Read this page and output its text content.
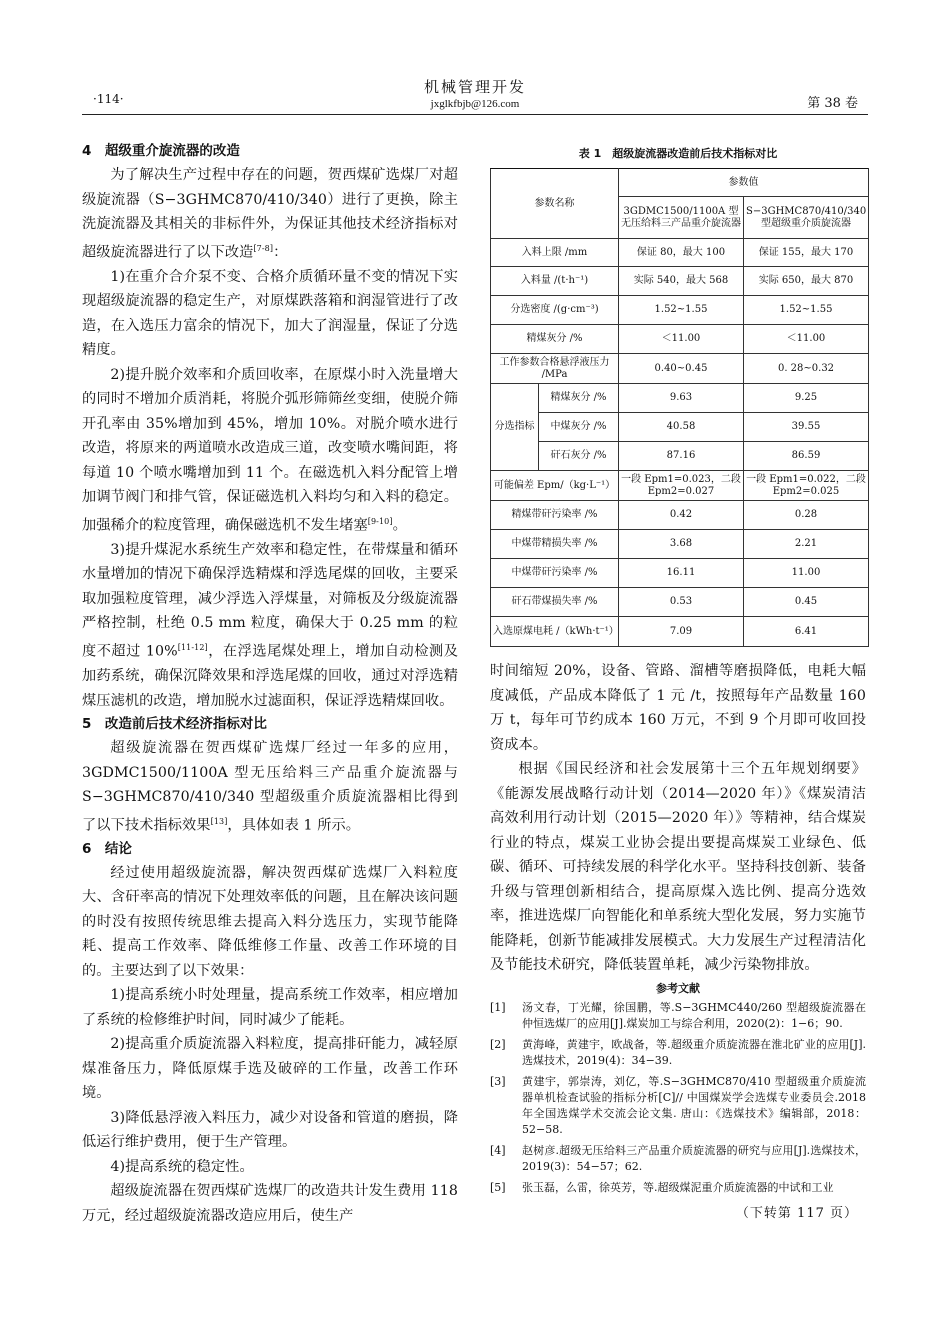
·114·
机械管理开发
jxglkfbjb@126.com	第 38 卷
4　超级重介旋流器的改造

为了解决生产过程中存在的问题，贺西煤矿选煤厂对超级旋流器（S−3GHMC870/410/340）进行了更换，除主洗旋流器及其相关的非标件外，为保证其他技术经济指标对超级旋流器进行了以下改造[7-8]：

1)在重介合介泵不变、合格介质循环量不变的情况下实现超级旋流器的稳定生产，对原煤跌落箱和润湿管进行了改造，在入选压力富余的情况下，加大了润湿量，保证了分选精度。

2)提升脱介效率和介质回收率，在原煤小时入洗量增大的同时不增加介质消耗，将脱介弧形筛筛丝变细，使脱介筛开孔率由 35%增加到 45%，增加 10%。对脱介喷水进行改造，将原来的两道喷水改造成三道，改变喷水嘴间距，将每道 10 个喷水嘴增加到 11 个。在磁选机入料分配管上增加调节阀门和排气管，保证磁选机入料均匀和入料的稳定。加强稀介的粒度管理，确保磁选机不发生堵塞[9-10]。

3)提升煤泥水系统生产效率和稳定性，在带煤量和循环水量增加的情况下确保浮选精煤和浮选尾煤的回收，主要采取加强粒度管理，减少浮选入浮煤量，对筛板及分级旋流器严格控制，杜绝 0.5 mm 粒度，确保大于 0.25 mm 的粒度不超过 10%[11-12]，在浮选尾煤处理上，增加自动检测及加药系统，确保沉降效果和浮选尾煤的回收，通过对浮选精煤压滤机的改造，增加脱水过滤面积，保证浮选精煤回收。

5　改造前后技术经济指标对比

超级旋流器在贺西煤矿选煤厂经过一年多的应用，3GDMC1500/1100A 型无压给料三产品重介旋流器与 S−3GHMC870/410/340 型超级重介质旋流器相比得到了以下技术指标效果[13]，具体如表 1 所示。

6　结论

经过使用超级旋流器，解决贺西煤矿选煤厂入料粒度大、含矸率高的情况下处理效率低的问题，且在解决该问题的时没有按照传统思维去提高入料分选压力，实现节能降耗、提高工作效率、降低维修工作量、改善工作环境的目的。主要达到了以下效果：

1)提高系统小时处理量，提高系统工作效率，相应增加了系统的检修维护时间，同时减少了能耗。

2)提高重介质旋流器入料粒度，提高排矸能力，减轻原煤准备压力，降低原煤手选及破碎的工作量，改善工作环境。

3)降低悬浮液入料压力，减少对设备和管道的磨损，降低运行维护费用，便于生产管理。

4)提高系统的稳定性。

超级旋流器在贺西煤矿选煤厂的改造共计发生费用 118 万元，经过超级旋流器改造应用后，使生产

表 1　超级旋流器改造前后技术指标对比
参数名称		参数值	
		3GDMC1500/1100A 型无压给料三产品重介旋流器	S−3GHMC870/410/340 型超级重介质旋流器
入料上限 /mm		保证 80，最大 100	保证 155，最大 170
入料量 /(t·h⁻¹)		实际 540，最大 568	实际 650，最大 870
分选密度 /(g·cm⁻³)		1.52~1.55	1.52~1.55
精煤灰分 /%		＜11.00	＜11.00
工作参数合格悬浮液压力 /MPa		0.40~0.45	0. 28~0.32
分选指标	精煤灰分 /%	9.63	9.25
	中煤灰分 /%	40.58	39.55
	矸石灰分 /%	87.16	86.59
可能偏差 Epm/（kg·L⁻¹）		一段 Epm1=0.023，二段 Epm2=0.027	一段 Epm1=0.022，二段 Epm2=0.025
精煤带矸污染率 /%		0.42	0.28
中煤带精损失率 /%		3.68	2.21
中煤带矸污染率 /%		16.11	11.00
矸石带煤损失率 /%		0.53	0.45
入选原煤电耗 /（kWh·t⁻¹）		7.09	6.41

时间缩短 20%，设备、管路、溜槽等磨损降低，电耗大幅度减低，产品成本降低了 1 元 /t，按照每年产品数量 160 万 t，每年可节约成本 160 万元，不到 9 个月即可收回投资成本。

根据《国民经济和社会发展第十三个五年规划纲要》《能源发展战略行动计划（2014—2020 年）》《煤炭清洁高效利用行动计划（2015—2020 年）》等精神，结合煤炭行业的特点，煤炭工业协会提出要提高煤炭工业绿色、低碳、循环、可持续发展的科学化水平。坚持科技创新、装备升级与管理创新相结合，提高原煤入选比例、提高分选效率，推进选煤厂向智能化和单系统大型化发展，努力实施节能降耗，创新节能减排发展模式。大力发展生产过程清洁化及节能技术研究，降低装置单耗，减少污染物排放。

参考文献
[1] 汤文春，丁光耀，徐国鹏，等.S−3GHMC440/260 型超级旋流器在仲恒选煤厂的应用[J].煤炭加工与综合利用，2020(2)：1−6；90.
[2] 黄海峰，黄建宇，欧战备，等.超级重介质旋流器在淮北矿业的应用[J].选煤技术，2019(4)：34−39.
[3] 黄建宇，郭崇涛，刘亿，等.S−3GHMC870/410 型超级重介质旋流器单机检查试验的指标分析[C]// 中国煤炭学会选煤专业委员会.2018 年全国选煤学术交流会论文集. 唐山：《选煤技术》编辑部，2018：52−58.
[4] 赵树彦.超级无压给料三产品重介质旋流器的研究与应用[J].选煤技术，2019(3)：54−57；62.
[5] 张玉磊，么雷，徐英芳，等.超级煤泥重介质旋流器的中试和工业
（下转第 117 页）
